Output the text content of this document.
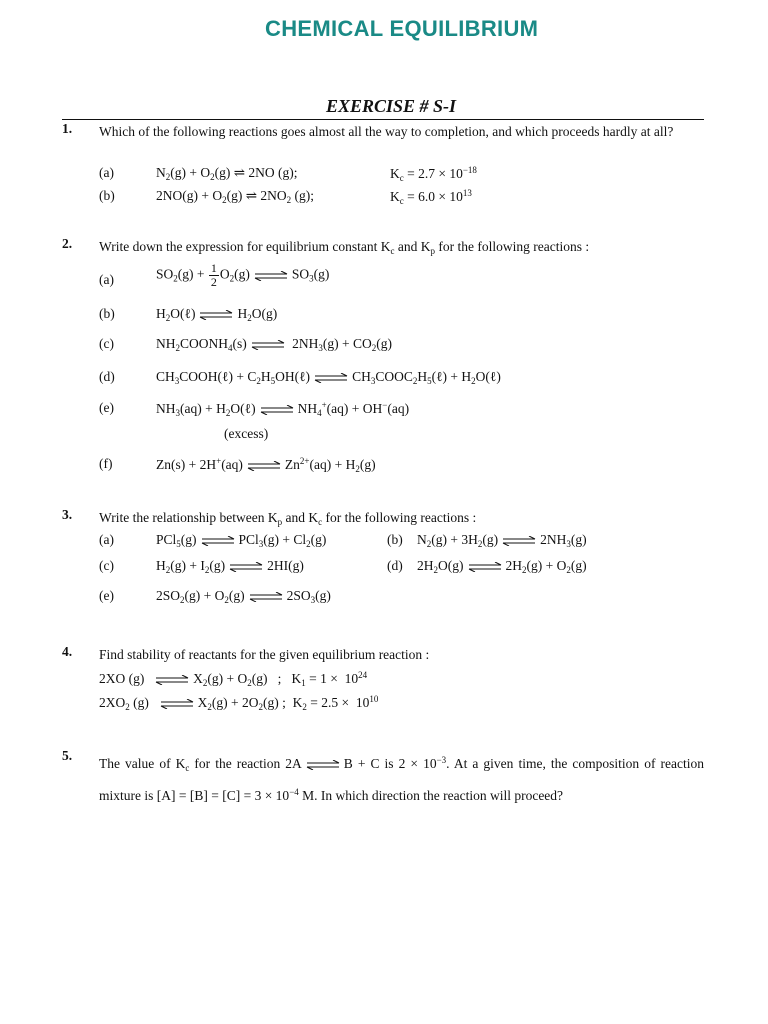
CHEMICAL EQUILIBRIUM
EXERCISE # S-I
1. Which of the following reactions goes almost all the way to completion, and which proceeds hardly at all?
(a)	$N_2(g) + O_2(g)$ ⇌ 2NO (g);	$K_c = 2.7 \times 10^{-18}$
(b)	$2NO(g) + O_2(g)$ ⇌ $2NO_2$ (g);	$K_c = 6.0 \times 10^{13}$
2. Write down the expression for equilibrium constant $K_c$ and $K_p$ for the following reactions :
(a)	$SO_2(g) + \frac{1}{2} O_2(g)$ ⇌ $SO_3(g)$
(b)	$H_2O(\ell)$ ⇌ $H_2O(g)$
(c)	$NH_2COONH_4(s)$ ⇌ $2NH_3(g) + CO_2(g)$
(d)	$CH_3COOH(\ell)$ + $C_2H_5OH(\ell)$ ⇌ $CH_3COOC_2H_5(\ell)$ + $H_2O(\ell)$
(e)	$NH_3(aq)$ + $H_2O(\ell)$ ⇌ $NH_4^+(aq) + OH^-(aq)$
(excess)
(f)	Zn(s) + 2H+(aq) ⇌ $Zn^{2+}(aq) + H_2(g)$
3. Write the relationship between $K_p$ and $K_c$ for the following reactions :
(a)	PCl$_5$(g) ⇌ $PCl_3(g) + Cl_2(g)$	(b) $N_2(g) + 3H_2(g)$ ⇌ $2NH_3(g)$
(c)	$H_2(g) + I_2(g)$ ⇌ 2HI(g)	(d) $2H_2O(g)$ ⇌ $2H_2(g) + O_2(g)$
(e)	$2SO_2(g) + O_2(g)$ ⇌ $2SO_3(g)$
4. Find stability of reactants for the given equilibrium reaction :
2XO (g) ⇌ $X_2(g) + O_2(g)$   ;   $K_1 = 1 \times 10^{24}$
$2XO_2$ (g) ⇌ $X_2(g) + 2O_2(g)$ ;  $K_2 = 2.5 \times 10^{10}$
5.
The value of $K_c$ for the reaction 2A ⇌ B + C is $2 \times 10^{-3}$. At a given time, the composition of reaction mixture is $[A] = [B] = [C] = 3 \times 10^{-4}$ M. In which direction the reaction will proceed?
